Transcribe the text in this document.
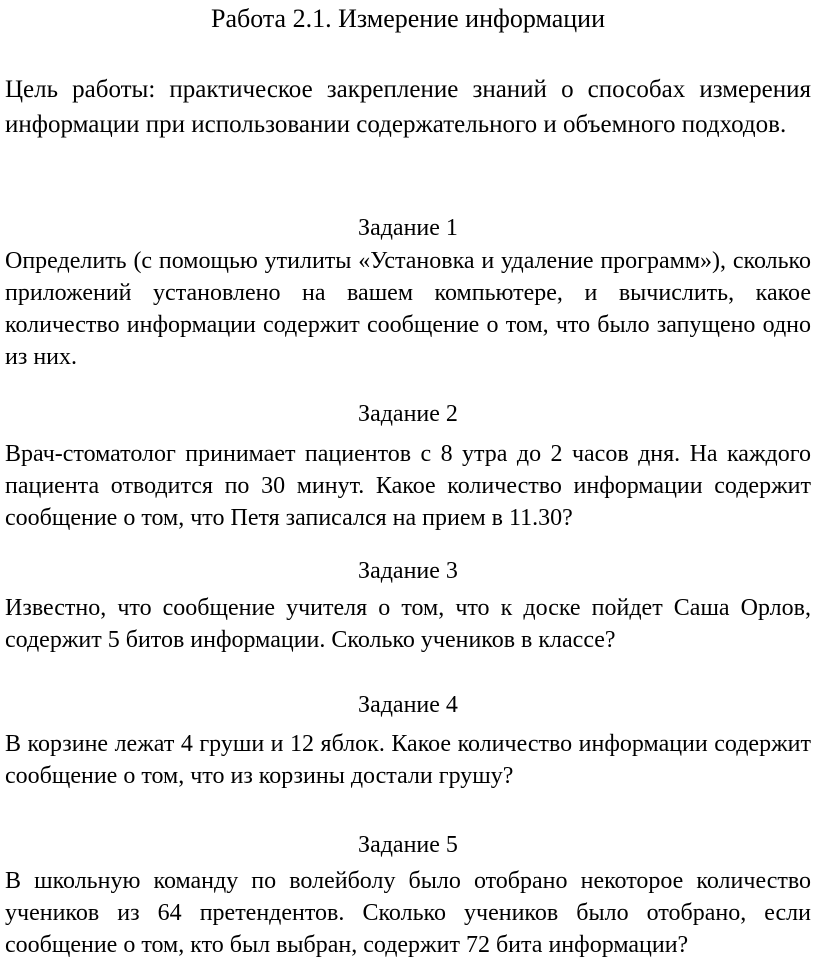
Работа 2.1. Измерение информации

Цель работы: практическое закрепление знаний о способах измерения информации при использовании содержательного и объемного подходов.

Задание 1

Определить (с помощью утилиты «Установка и удаление программ»), сколько приложений установлено на вашем компьютере, и вычислить, какое количество информации содержит сообщение о том, что было запущено одно из них.

Задание 2

Врач-стоматолог принимает пациентов с 8 утра до 2 часов дня. На каждого пациента отводится по 30 минут. Какое количество информации содержит сообщение о том, что Петя записался на прием в 11.30?

Задание 3

Известно, что сообщение учителя о том, что к доске пойдет Саша Орлов, содержит 5 битов информации. Сколько учеников в классе?

Задание 4

В корзине лежат 4 груши и 12 яблок. Какое количество информации содержит сообщение о том, что из корзины достали грушу?

Задание 5

В школьную команду по волейболу было отобрано некоторое количество учеников из 64 претендентов. Сколько учеников было отобрано, если сообщение о том, кто был выбран, содержит 72 бита информации?
